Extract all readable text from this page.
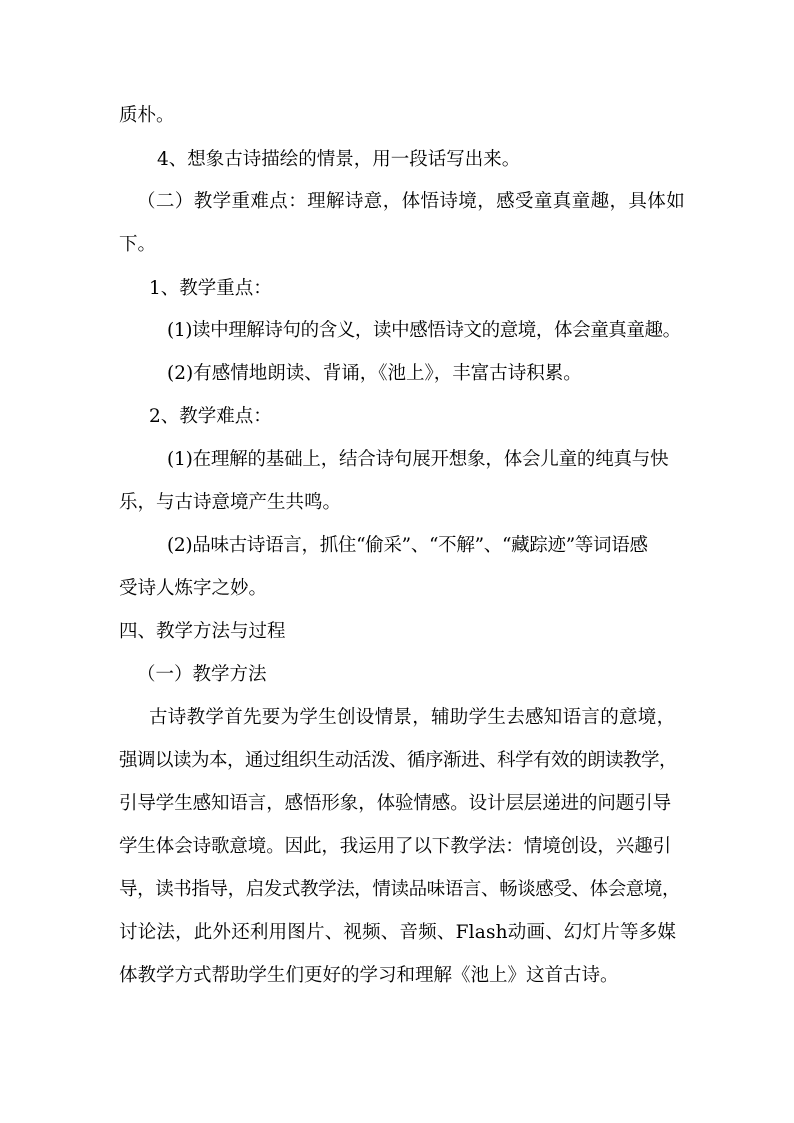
质朴。
4、想象古诗描绘的情景，用一段话写出来。
（二）教学重难点：理解诗意，体悟诗境，感受童真童趣，具体如
下。
1、教学重点：
(1)读中理解诗句的含义，读中感悟诗文的意境，体会童真童趣。
(2)有感情地朗读、背诵，《池上》，丰富古诗积累。
2、教学难点：
(1)在理解的基础上，结合诗句展开想象，体会儿童的纯真与快
乐，与古诗意境产生共鸣。
(2)品味古诗语言，抓住“偷采”、“不解”、“藏踪迹”等词语感
受诗人炼字之妙。
四、教学方法与过程
（一）教学方法
古诗教学首先要为学生创设情景，辅助学生去感知语言的意境，
强调以读为本，通过组织生动活泼、循序渐进、科学有效的朗读教学，
引导学生感知语言，感悟形象，体验情感。设计层层递进的问题引导
学生体会诗歌意境。因此，我运用了以下教学法：情境创设，兴趣引
导，读书指导，启发式教学法，情读品味语言、畅谈感受、体会意境，
讨论法，此外还利用图片、视频、音频、Flash动画、幻灯片等多媒
体教学方式帮助学生们更好的学习和理解《池上》这首古诗。
